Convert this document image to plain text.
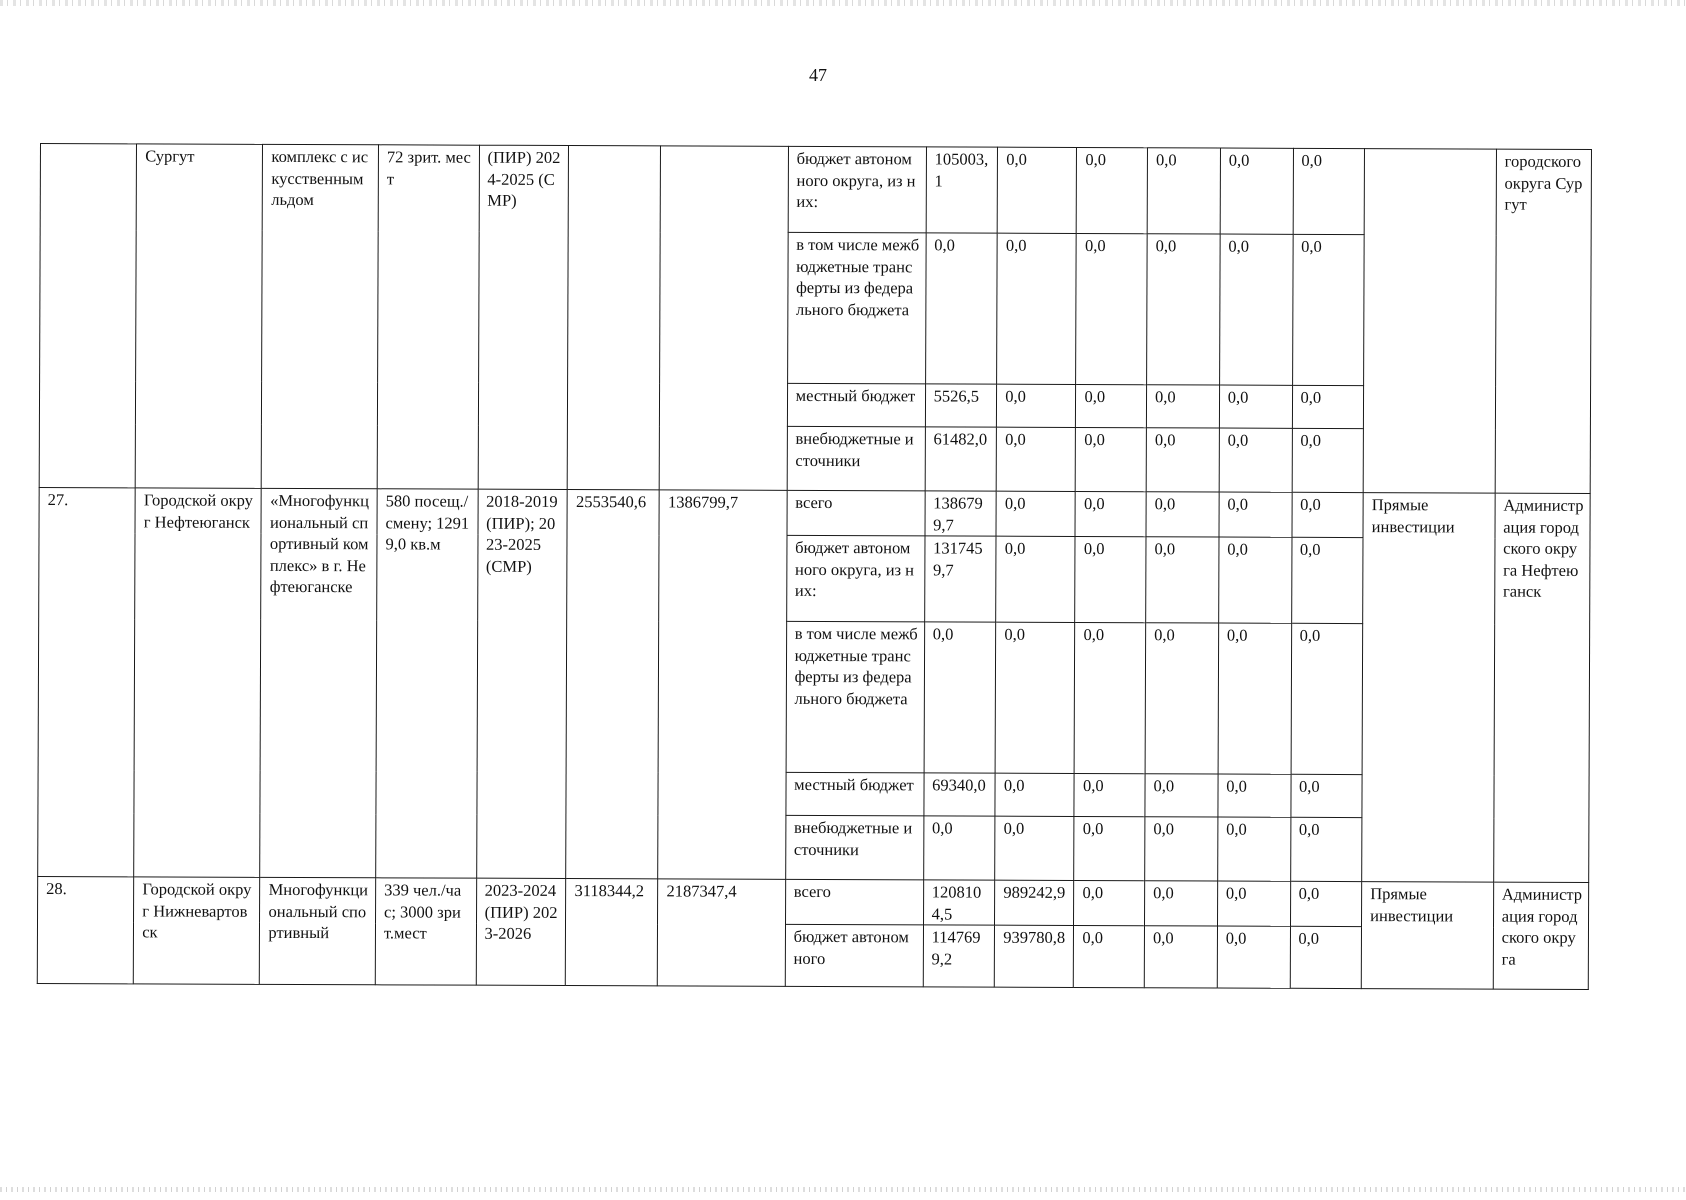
47
	Сургут	комплекс с искусственным льдом	72 зрит. мест	(ПИР) 2024-2025 (СМР)			бюджет автономного округа, из них:	105003,1	0,0	0,0	0,0	0,0	0,0		городского округа Сургут
							в том числе межбюджетные трансферты из федерального бюджета	0,0	0,0	0,0	0,0	0,0	0,0		
							местный бюджет	5526,5	0,0	0,0	0,0	0,0	0,0		
							внебюджетные источники	61482,0	0,0	0,0	0,0	0,0	0,0		
27.	Городской округ Нефтеюганск	«Многофункциональный спортивный комплекс» в г. Нефтеюганске	580 посещ./смену; 12919,0 кв.м	2018-2019 (ПИР); 2023-2025 (СМР)	2553540,6	1386799,7	всего	1386799,7	0,0	0,0	0,0	0,0	0,0	Прямые инвестиции	Администрация городского округа Нефтеюганск
							бюджет автономного округа, из них:	1317459,7	0,0	0,0	0,0	0,0	0,0		
							в том числе межбюджетные трансферты из федерального бюджета	0,0	0,0	0,0	0,0	0,0	0,0		
							местный бюджет	69340,0	0,0	0,0	0,0	0,0	0,0		
							внебюджетные источники	0,0	0,0	0,0	0,0	0,0	0,0		
28.	Городской округ Нижневартовск	Многофункциональный спортивный	339 чел./час; 3000 зрит.мест	2023-2024 (ПИР) 2023-2026	3118344,2	2187347,4	всего	1208104,5	989242,9	0,0	0,0	0,0	0,0	Прямые инвестиции	Администрация городского округа
							бюджет автономного	1147699,2	939780,8	0,0	0,0	0,0	0,0		
